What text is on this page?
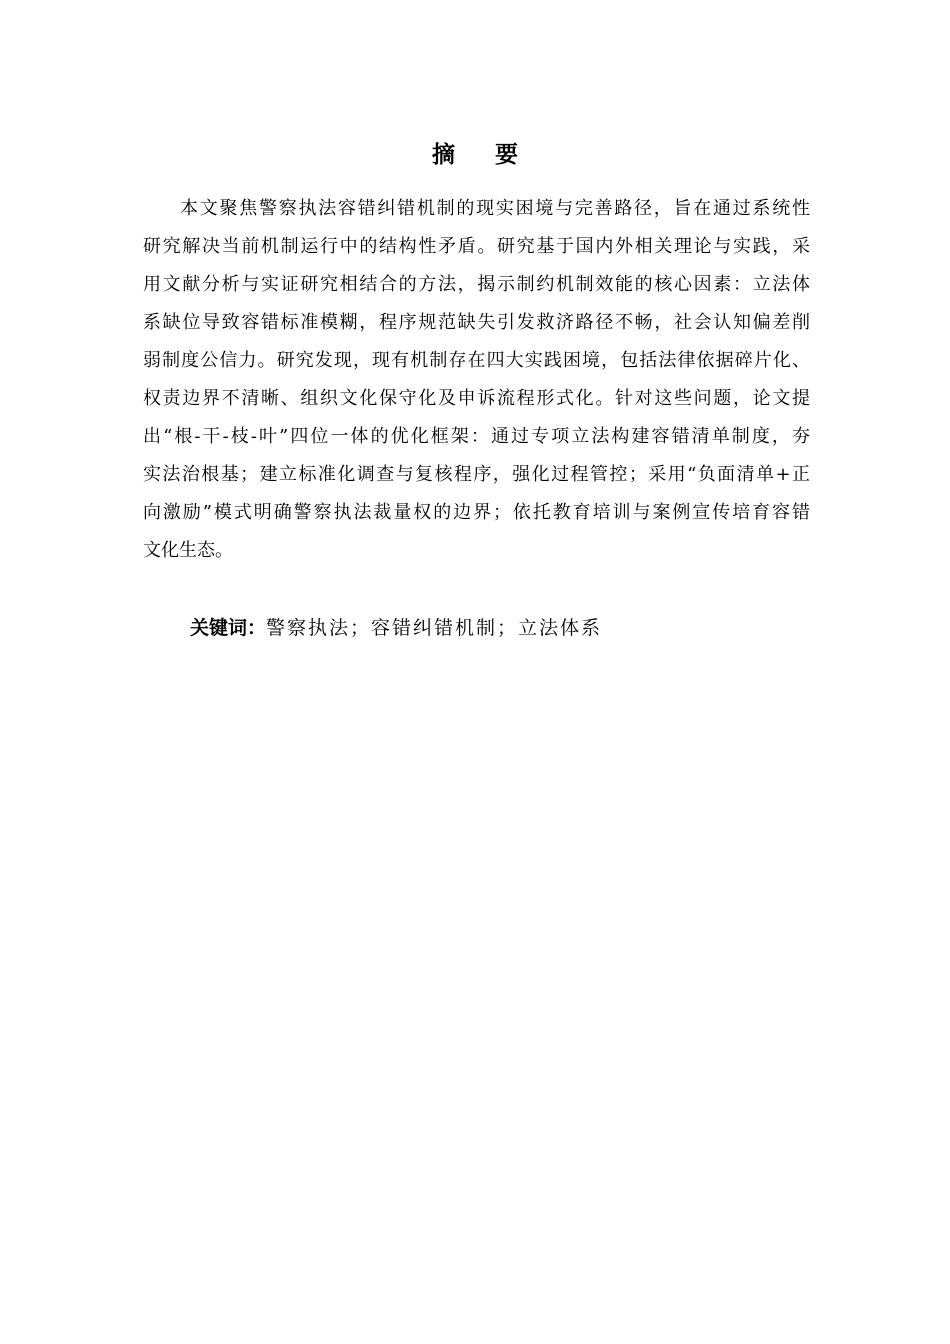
摘 要
本文聚焦警察执法容错纠错机制的现实困境与完善路径，旨在通过系统性
研究解决当前机制运行中的结构性矛盾。研究基于国内外相关理论与实践，采
用文献分析与实证研究相结合的方法，揭示制约机制效能的核心因素：立法体
系缺位导致容错标准模糊，程序规范缺失引发救济路径不畅，社会认知偏差削
弱制度公信力。研究发现，现有机制存在四大实践困境，包括法律依据碎片化、
权责边界不清晰、组织文化保守化及申诉流程形式化。针对这些问题，论文提
出“根-干-枝-叶”四位一体的优化框架：通过专项立法构建容错清单制度，夯
实法治根基；建立标准化调查与复核程序，强化过程管控；采用“负面清单+正
向激励”模式明确警察执法裁量权的边界；依托教育培训与案例宣传培育容错
文化生态。
关键词：警察执法；容错纠错机制；立法体系
